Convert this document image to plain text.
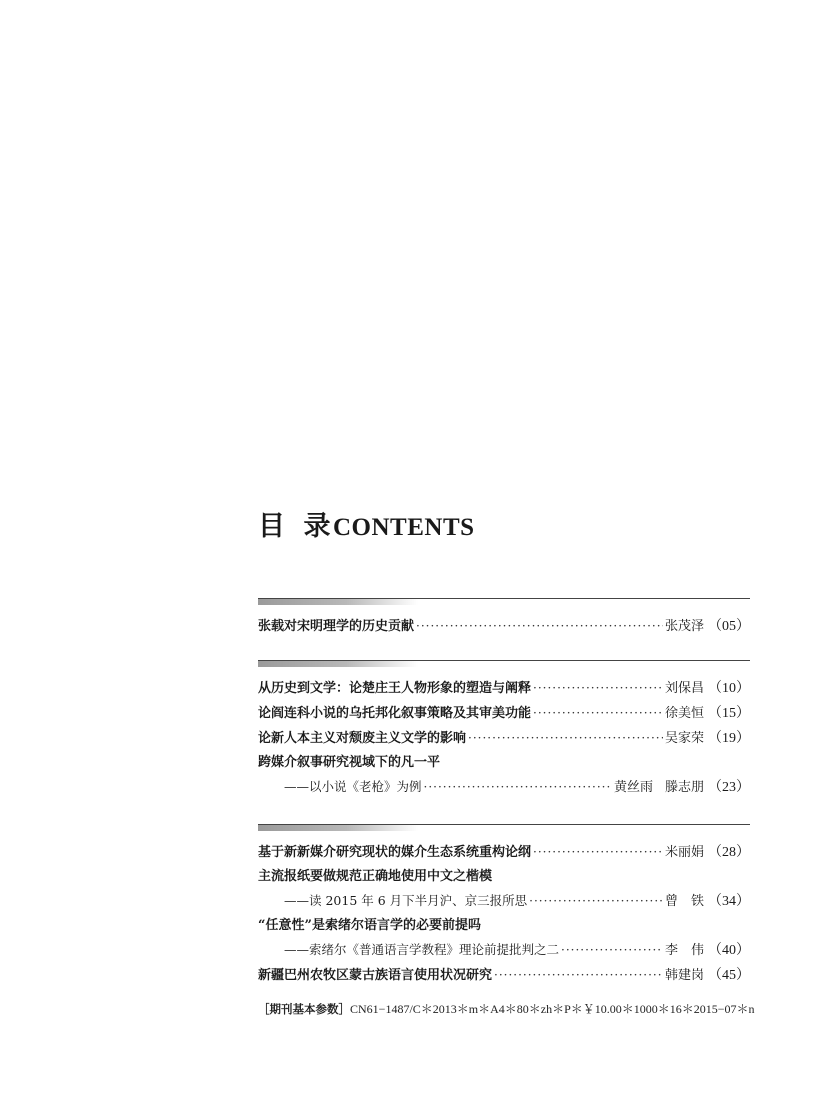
目 录CONTENTS
张载对宋明理学的历史贡献 ·····	张茂泽 （05）
从历史到文学：论楚庄王人物形象的塑造与阐释 ·····	刘保昌 （10）
论阎连科小说的乌托邦化叙事策略及其审美功能 ·····	徐美恒 （15）
论新人本主义对颓废主义文学的影响 ·····	吴家荣 （19）
跨媒介叙事研究视域下的凡一平
——以小说《老枪》为例 ·····	黄丝雨 滕志朋 （23）
基于新新媒介研究现状的媒介生态系统重构论纲 ·····	米丽娟 （28）
主流报纸要做规范正确地使用中文之楷模
——读 2015 年 6 月下半月沪、京三报所思 ·····	曾　铁 （34）
“任意性”是索绪尔语言学的必要前提吗
——索绪尔《普通语言学教程》理论前提批判之二 ·····	李　伟 （40）
新疆巴州农牧区蒙古族语言使用状况研究 ·····	韩建岗 （45）
［期刊基本参数］CN61−1487/C＊2013＊m＊A4＊80＊zh＊P＊￥10.00＊1000＊16＊2015−07＊n
